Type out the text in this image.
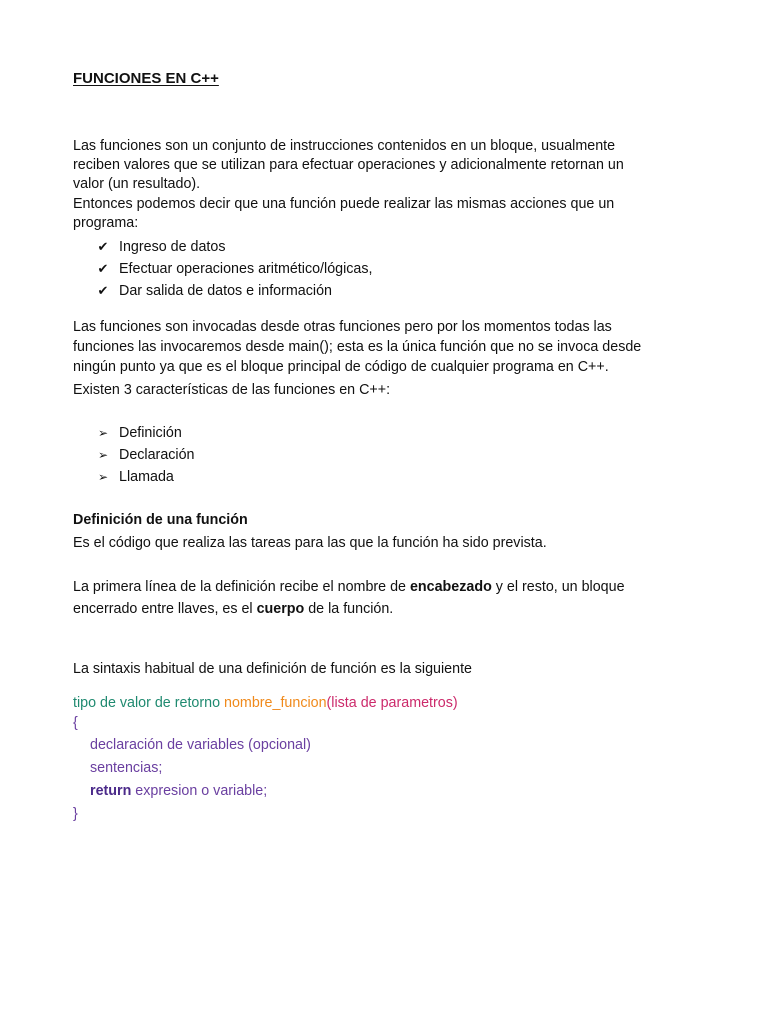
FUNCIONES EN C++

Las funciones son un conjunto de instrucciones contenidos en un bloque, usualmente
reciben valores que se utilizan para efectuar operaciones y adicionalmente retornan un
valor (un resultado).
Entonces podemos decir que una función puede realizar las mismas acciones que un
programa:

✔ Ingreso de datos
✔ Efectuar operaciones aritmético/lógicas,
✔ Dar salida de datos e información

Las funciones son invocadas desde otras funciones pero por los momentos todas las
funciones las invocaremos desde main(); esta es la única función que no se invoca desde
ningún punto ya que es el bloque principal de código de cualquier programa en C++.

Existen 3 características de las funciones en C++:

➢ Definición
➢ Declaración
➢ Llamada
Definición de una función

Es el código que realiza las tareas para las que la función ha sido prevista.

La primera línea de la definición recibe el nombre de encabezado y el resto, un bloque
encerrado entre llaves, es el cuerpo de la función.

La sintaxis habitual de una definición de función es la siguiente

tipo de valor de retorno nombre_funcion(lista de parametros)
{
declaración de variables (opcional)
sentencias;
return expresion o variable;
}
